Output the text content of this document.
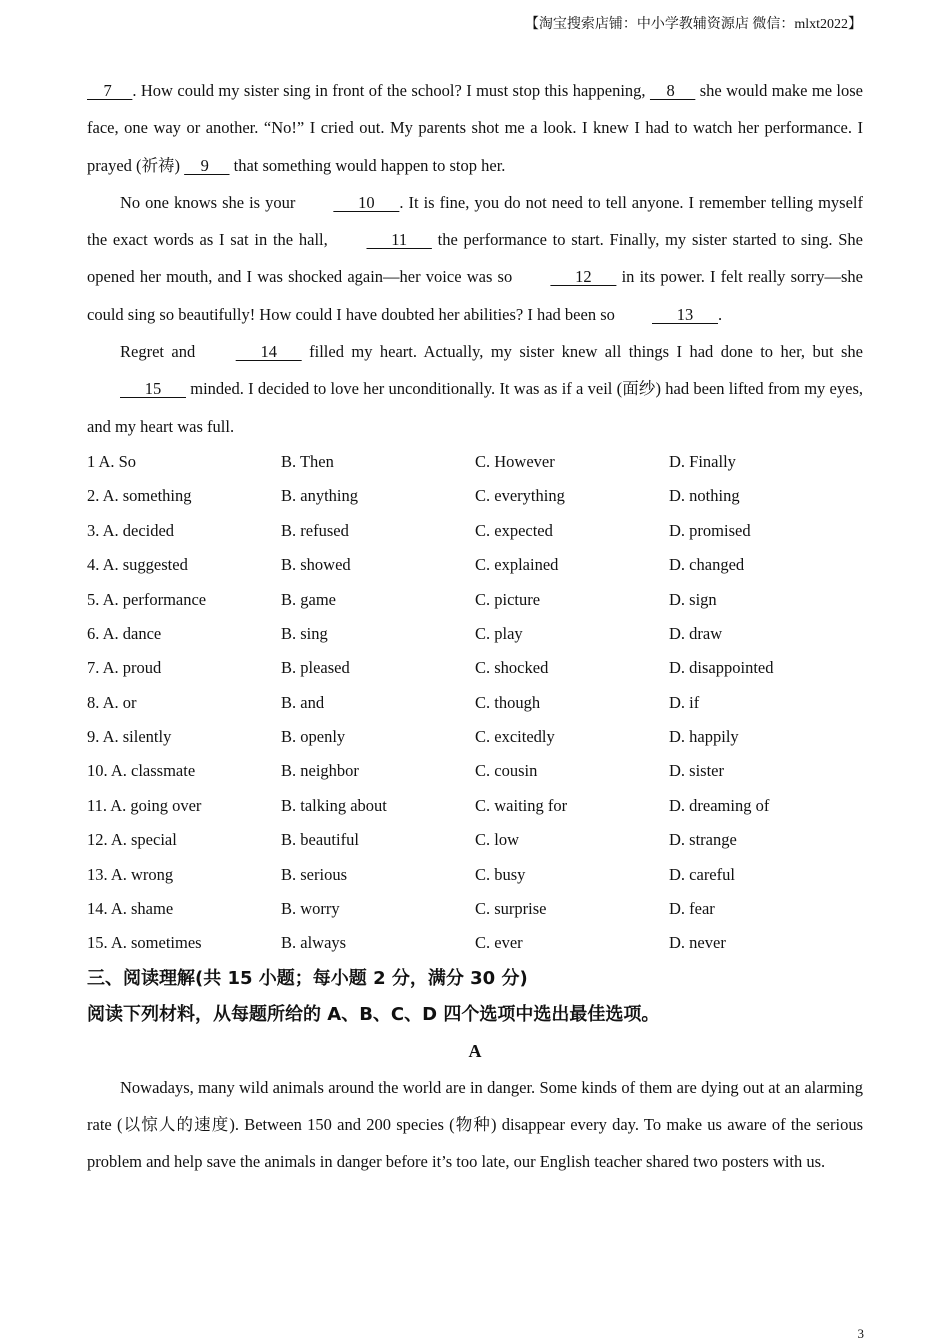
【淘宝搜索店铺：中小学教辅资源店 微信：mlxt2022】

7     . How could my sister sing in front of the school? I must stop this happening,     8      she would make me lose face, one way or another. “No!” I cried out. My parents shot me a look. I knew I had to watch her performance. I prayed (祈祷)     9      that something would happen to stop her.

No one knows she is your       10      . It is fine, you do not need to tell anyone. I remember telling myself the exact words as I sat in the hall,       11       the performance to start. Finally, my sister started to sing. She opened her mouth, and I was shocked again—her voice was so       12       in its power. I felt really sorry—she could sing so beautifully! How could I have doubted her abilities? I had been so       13      .

Regret and       14       filled my heart. Actually, my sister knew all things I had done to her, but she       15       minded. I decided to love her unconditionally. It was as if a veil (面纱) had been lifted from my eyes, and my heart was full.

1 A. So	B. Then	C. However	D. Finally
2. A. something	B. anything	C. everything	D. nothing
3. A. decided	B. refused	C. expected	D. promised
4. A. suggested	B. showed	C. explained	D. changed
5. A. performance	B. game	C. picture	D. sign
6. A. dance	B. sing	C. play	D. draw
7. A. proud	B. pleased	C. shocked	D. disappointed
8. A. or	B. and	C. though	D. if
9. A. silently	B. openly	C. excitedly	D. happily
10. A. classmate	B. neighbor	C. cousin	D. sister
11. A. going over	B. talking about	C. waiting for	D. dreaming of
12. A. special	B. beautiful	C. low	D. strange
13. A. wrong	B. serious	C. busy	D. careful
14. A. shame	B. worry	C. surprise	D. fear
15. A. sometimes	B. always	C. ever	D. never

三、阅读理解(共 15 小题；每小题 2 分，满分 30 分)

阅读下列材料，从每题所给的 A、B、C、D 四个选项中选出最佳选项。

A

Nowadays, many wild animals around the world are in danger. Some kinds of them are dying out at an alarming rate (以惊人的速度). Between 150 and 200 species (物种) disappear every day. To make us aware of the serious problem and help save the animals in danger before it’s too late, our English teacher shared two posters with us.

3
